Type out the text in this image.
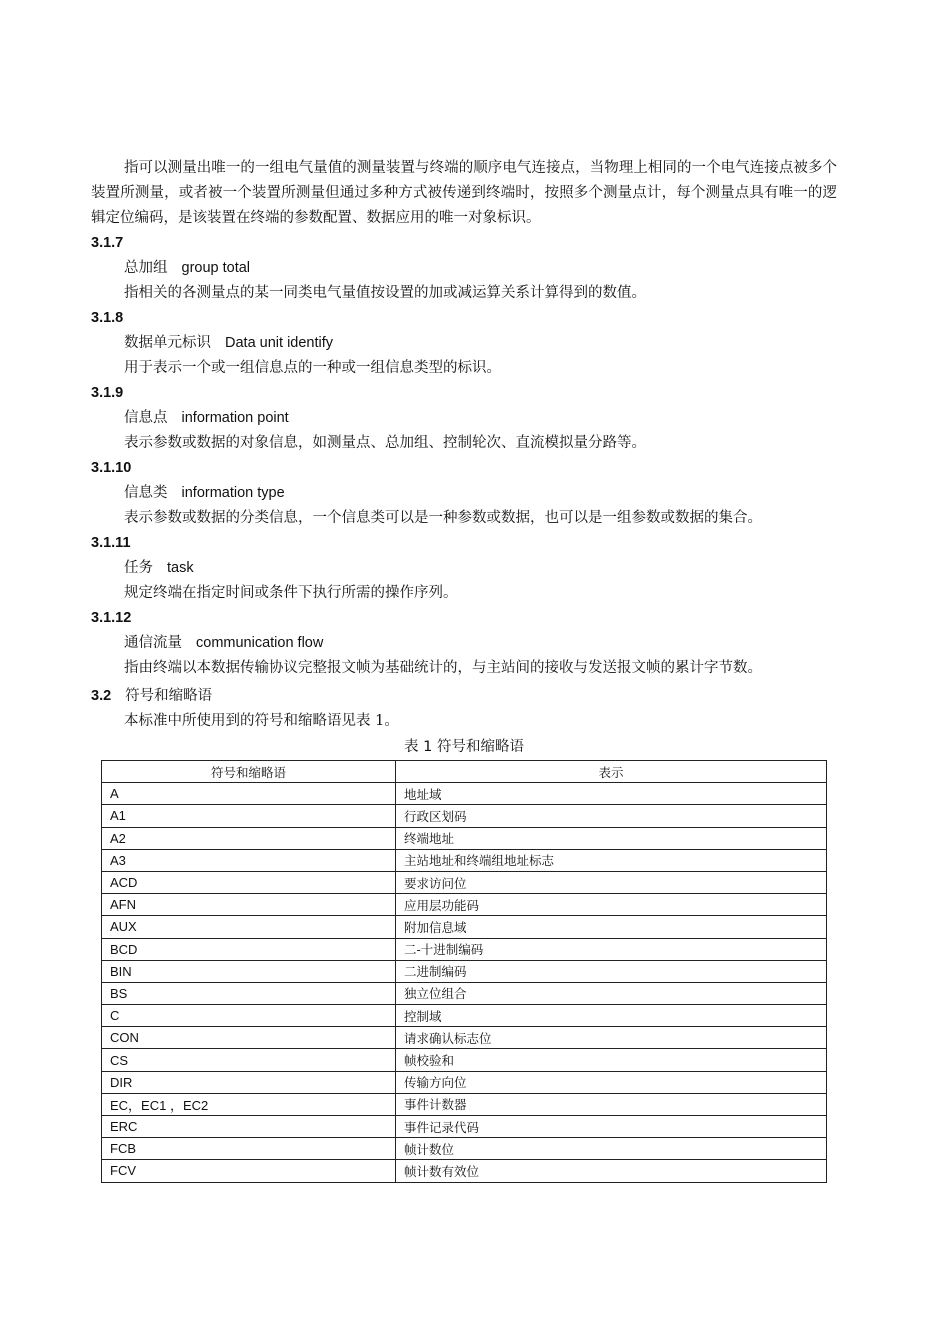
指可以测量出唯一的一组电气量值的测量装置与终端的顺序电气连接点，当物理上相同的一个电气连接点被多个装置所测量，或者被一个装置所测量但通过多种方式被传递到终端时，按照多个测量点计，每个测量点具有唯一的逻辑定位编码，是该装置在终端的参数配置、数据应用的唯一对象标识。

3.1.7

总加组 group total

指相关的各测量点的某一同类电气量值按设置的加或减运算关系计算得到的数值。

3.1.8

数据单元标识 Data unit identify

用于表示一个或一组信息点的一种或一组信息类型的标识。

3.1.9

信息点 information point

表示参数或数据的对象信息，如测量点、总加组、控制轮次、直流模拟量分路等。

3.1.10

信息类 information type

表示参数或数据的分类信息，一个信息类可以是一种参数或数据，也可以是一组参数或数据的集合。

3.1.11

任务 task

规定终端在指定时间或条件下执行所需的操作序列。

3.1.12

通信流量 communication flow

指由终端以本数据传输协议完整报文帧为基础统计的，与主站间的接收与发送报文帧的累计字节数。

3.2 符号和缩略语

本标准中所使用到的符号和缩略语见表 1。

表 1 符号和缩略语

符号和缩略语	表示
A	地址域
A1	行政区划码
A2	终端地址
A3	主站地址和终端组地址标志
ACD	要求访问位
AFN	应用层功能码
AUX	附加信息域
BCD	二-十进制编码
BIN	二进制编码
BS	独立位组合
C	控制域
CON	请求确认标志位
CS	帧校验和
DIR	传输方向位
EC，EC1 ，EC2	事件计数器
ERC	事件记录代码
FCB	帧计数位
FCV	帧计数有效位
